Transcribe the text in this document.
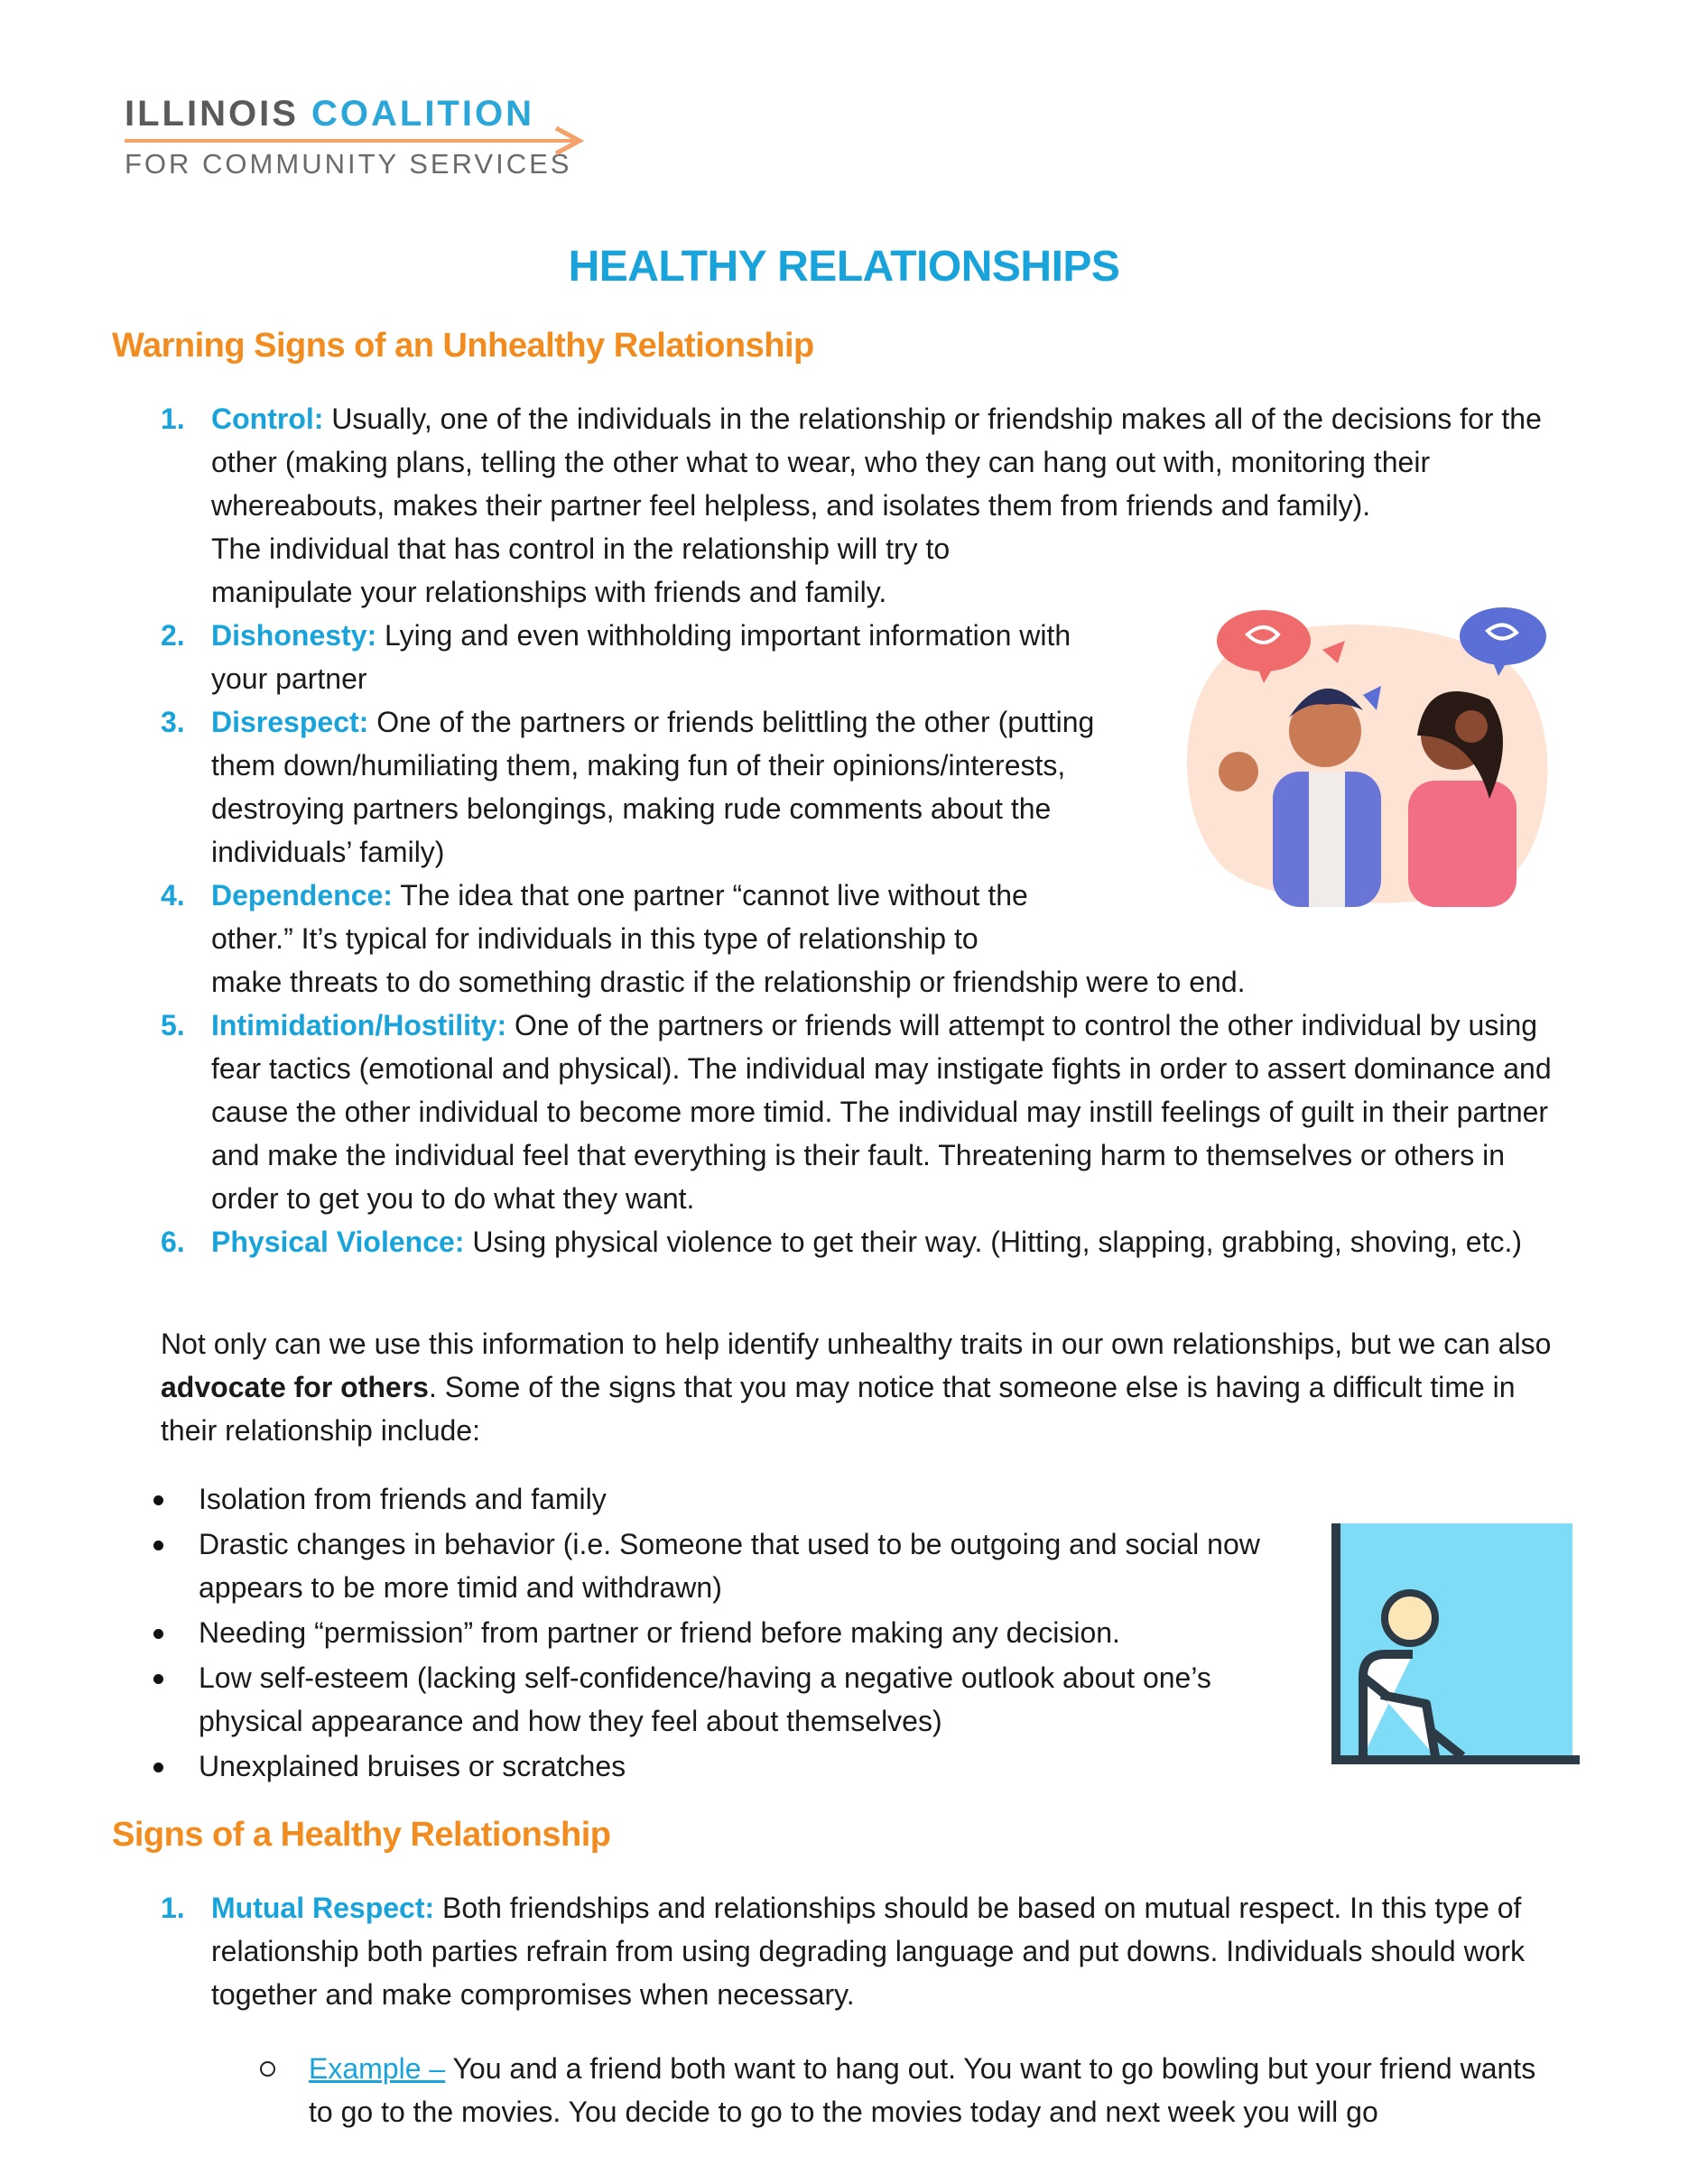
ILLINOIS COALITION
FOR COMMUNITY SERVICES
HEALTHY RELATIONSHIPS
Warning Signs of an Unhealthy Relationship
1. Control: Usually, one of the individuals in the relationship or friendship makes all of the decisions for the other (making plans, telling the other what to wear, who they can hang out with, monitoring their whereabouts, makes their partner feel helpless, and isolates them from friends and family).
The individual that has control in the relationship will try to manipulate your relationships with friends and family.
2. Dishonesty: Lying and even withholding important information with your partner
3. Disrespect: One of the partners or friends belittling the other (putting them down/humiliating them, making fun of their opinions/interests, destroying partners belongings, making rude comments about the individuals’ family)
4. Dependence: The idea that one partner “cannot live without the other.” It’s typical for individuals in this type of relationship to
make threats to do something drastic if the relationship or friendship were to end.
5. Intimidation/Hostility: One of the partners or friends will attempt to control the other individual by using fear tactics (emotional and physical). The individual may instigate fights in order to assert dominance and cause the other individual to become more timid. The individual may instill feelings of guilt in their partner and make the individual feel that everything is their fault. Threatening harm to themselves or others in order to get you to do what they want.
6. Physical Violence: Using physical violence to get their way. (Hitting, slapping, grabbing, shoving, etc.)
Not only can we use this information to help identify unhealthy traits in our own relationships, but we can also advocate for others. Some of the signs that you may notice that someone else is having a difficult time in their relationship include:
Isolation from friends and family
Drastic changes in behavior (i.e. Someone that used to be outgoing and social now appears to be more timid and withdrawn)
Needing “permission” from partner or friend before making any decision.
Low self-esteem (lacking self-confidence/having a negative outlook about one’s physical appearance and how they feel about themselves)
Unexplained bruises or scratches
Signs of a Healthy Relationship
1. Mutual Respect: Both friendships and relationships should be based on mutual respect. In this type of relationship both parties refrain from using degrading language and put downs. Individuals should work together and make compromises when necessary.
Example – You and a friend both want to hang out. You want to go bowling but your friend wants to go to the movies. You decide to go to the movies today and next week you will go
